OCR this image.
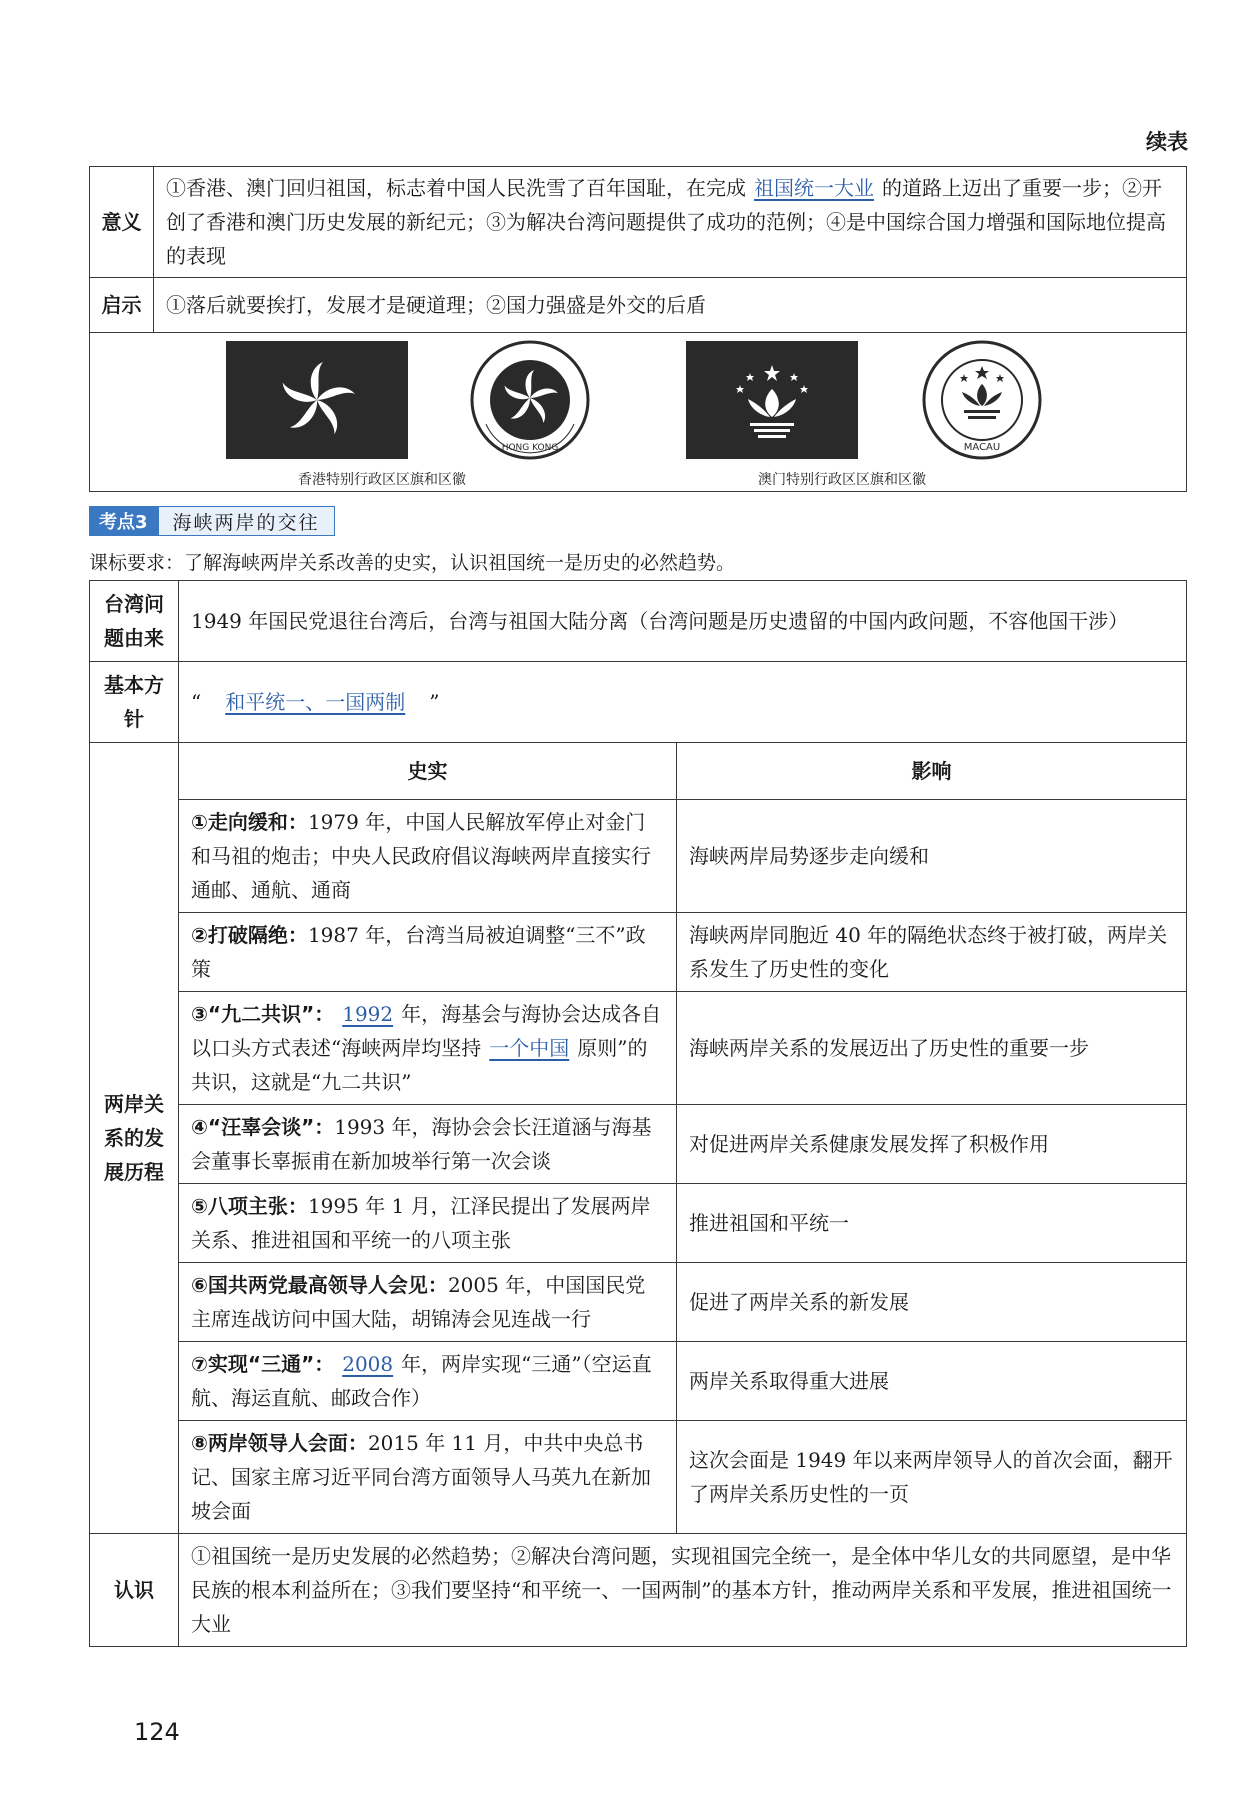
续表
意义	①香港、澳门回归祖国，标志着中国人民洗雪了百年国耻，在完成 祖国统一大业 的道路上迈出了重要一步；②开创了香港和澳门历史发展的新纪元；③为解决台湾问题提供了成功的范例；④是中国综合国力增强和国际地位提高的表现
启示	①落后就要挨打，发展才是硬道理；②国力强盛是外交的后盾

HONG KONG MACAU
香港特别行政区区旗和区徽 澳门特别行政区区旗和区徽	
考点3	海峡两岸的交往
课标要求：了解海峡两岸关系改善的史实，认识祖国统一是历史的必然趋势。
台湾问题由来	1949 年国民党退往台湾后，台湾与祖国大陆分离（台湾问题是历史遗留的中国内政问题，不容他国干涉）	
基本方针	“ 和平统一、一国两制 ”	
两岸关系的发展历程	史实	影响
	①走向缓和：1979 年，中国人民解放军停止对金门和马祖的炮击；中央人民政府倡议海峡两岸直接实行通邮、通航、通商	海峡两岸局势逐步走向缓和
	②打破隔绝：1987 年，台湾当局被迫调整“三不”政策	海峡两岸同胞近 40 年的隔绝状态终于被打破，两岸关系发生了历史性的变化
	③“九二共识”： 1992 年，海基会与海协会达成各自以口头方式表述“海峡两岸均坚持 一个中国 原则”的共识，这就是“九二共识”	海峡两岸关系的发展迈出了历史性的重要一步
	④“汪辜会谈”：1993 年，海协会会长汪道涵与海基会董事长辜振甫在新加坡举行第一次会谈	对促进两岸关系健康发展发挥了积极作用
	⑤八项主张：1995 年 1 月，江泽民提出了发展两岸关系、推进祖国和平统一的八项主张	推进祖国和平统一
	⑥国共两党最高领导人会见：2005 年，中国国民党主席连战访问中国大陆，胡锦涛会见连战一行	促进了两岸关系的新发展
	⑦实现“三通”： 2008 年，两岸实现“三通”（空运直航、海运直航、邮政合作）	两岸关系取得重大进展
	⑧两岸领导人会面：2015 年 11 月，中共中央总书记、国家主席习近平同台湾方面领导人马英九在新加坡会面	这次会面是 1949 年以来两岸领导人的首次会面，翻开了两岸关系历史性的一页
认识	①祖国统一是历史发展的必然趋势；②解决台湾问题，实现祖国完全统一，是全体中华儿女的共同愿望，是中华民族的根本利益所在；③我们要坚持“和平统一、一国两制”的基本方针，推动两岸关系和平发展，推进祖国统一大业	
124
